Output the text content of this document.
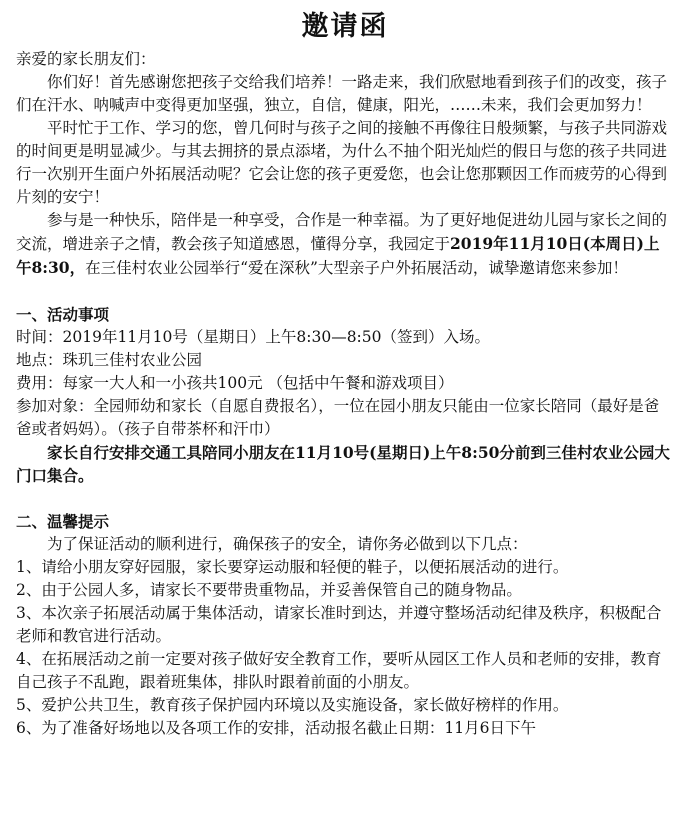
邀请函

亲爱的家长朋友们：

你们好！首先感谢您把孩子交给我们培养！一路走来，我们欣慰地看到孩子们的改变，孩子们在汗水、呐喊声中变得更加坚强，独立，自信，健康，阳光，……未来，我们会更加努力！

平时忙于工作、学习的您，曾几何时与孩子之间的接触不再像往日般频繁，与孩子共同游戏的时间更是明显减少。与其去拥挤的景点添堵，为什么不抽个阳光灿烂的假日与您的孩子共同进行一次别开生面户外拓展活动呢？它会让您的孩子更爱您，也会让您那颗因工作而疲劳的心得到片刻的安宁！

参与是一种快乐，陪伴是一种享受，合作是一种幸福。为了更好地促进幼儿园与家长之间的交流，增进亲子之情，教会孩子知道感恩，懂得分享，我园定于2019年11月10日(本周日)上午8:30，在三佳村农业公园举行“爱在深秋”大型亲子户外拓展活动，诚挚邀请您来参加！

一、活动事项

时间：2019年11月10号（星期日）上午8:30—8:50（签到）入场。

地点：珠玑三佳村农业公园

费用：每家一大人和一小孩共100元 （包括中午餐和游戏项目）

参加对象：全园师幼和家长（自愿自费报名），一位在园小朋友只能由一位家长陪同（最好是爸爸或者妈妈）。（孩子自带茶杯和汗巾）

家长自行安排交通工具陪同小朋友在11月10号(星期日)上午8:50分前到三佳村农业公园大门口集合。

二、温馨提示

为了保证活动的顺利进行，确保孩子的安全，请你务必做到以下几点：

1、请给小朋友穿好园服，家长要穿运动服和轻便的鞋子，以便拓展活动的进行。

2、由于公园人多，请家长不要带贵重物品，并妥善保管自己的随身物品。

3、本次亲子拓展活动属于集体活动，请家长准时到达，并遵守整场活动纪律及秩序，积极配合老师和教官进行活动。

4、在拓展活动之前一定要对孩子做好安全教育工作，要听从园区工作人员和老师的安排，教育自己孩子不乱跑，跟着班集体，排队时跟着前面的小朋友。

5、爱护公共卫生，教育孩子保护园内环境以及实施设备，家长做好榜样的作用。

6、为了准备好场地以及各项工作的安排，活动报名截止日期：11月6日下午
